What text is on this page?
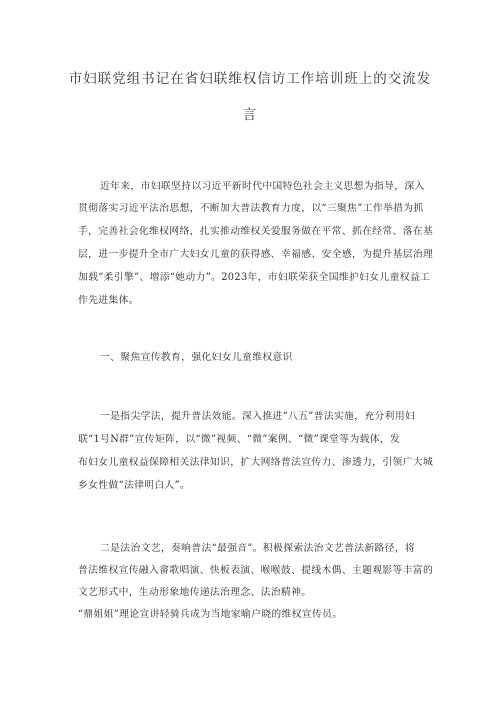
市妇联党组书记在省妇联维权信访工作培训班上的交流发
言
近年来，市妇联坚持以习近平新时代中国特色社会主义思想为指导，深入
贯彻落实习近平法治思想，不断加大普法教育力度，以“三聚焦”工作举措为抓
手，完善社会化维权网络，扎实推动维权关爱服务做在平常、抓在经常、落在基
层，进一步提升全市广大妇女儿童的获得感、幸福感、安全感，为提升基层治理
加载“柔引擎”、增添“她动力”。2023年，市妇联荣获全国维护妇女儿童权益工
作先进集体。
一、聚焦宣传教育，强化妇女儿童维权意识
一是指尖学法，提升普法效能。深入推进“八五”普法实施，充分利用妇
联“1号N群”宣传矩阵，以“微”视频、“微”案例、“微”课堂等为载体，发
布妇女儿童权益保障相关法律知识，扩大网络普法宣传力、渗透力，引领广大城
乡女性做“法律明白人”。
二是法治文艺，奏响普法“最强音”。积极探索法治文艺普法新路径，将
普法维权宣传融入畲歌唱演、快板表演、喉喉鼓、提线木偶、主题观影等丰富的
文艺形式中，生动形象地传递法治理念、法治精神。
“鼎姐姐”理论宣讲轻骑兵成为当地家喻户晓的维权宣传员。
